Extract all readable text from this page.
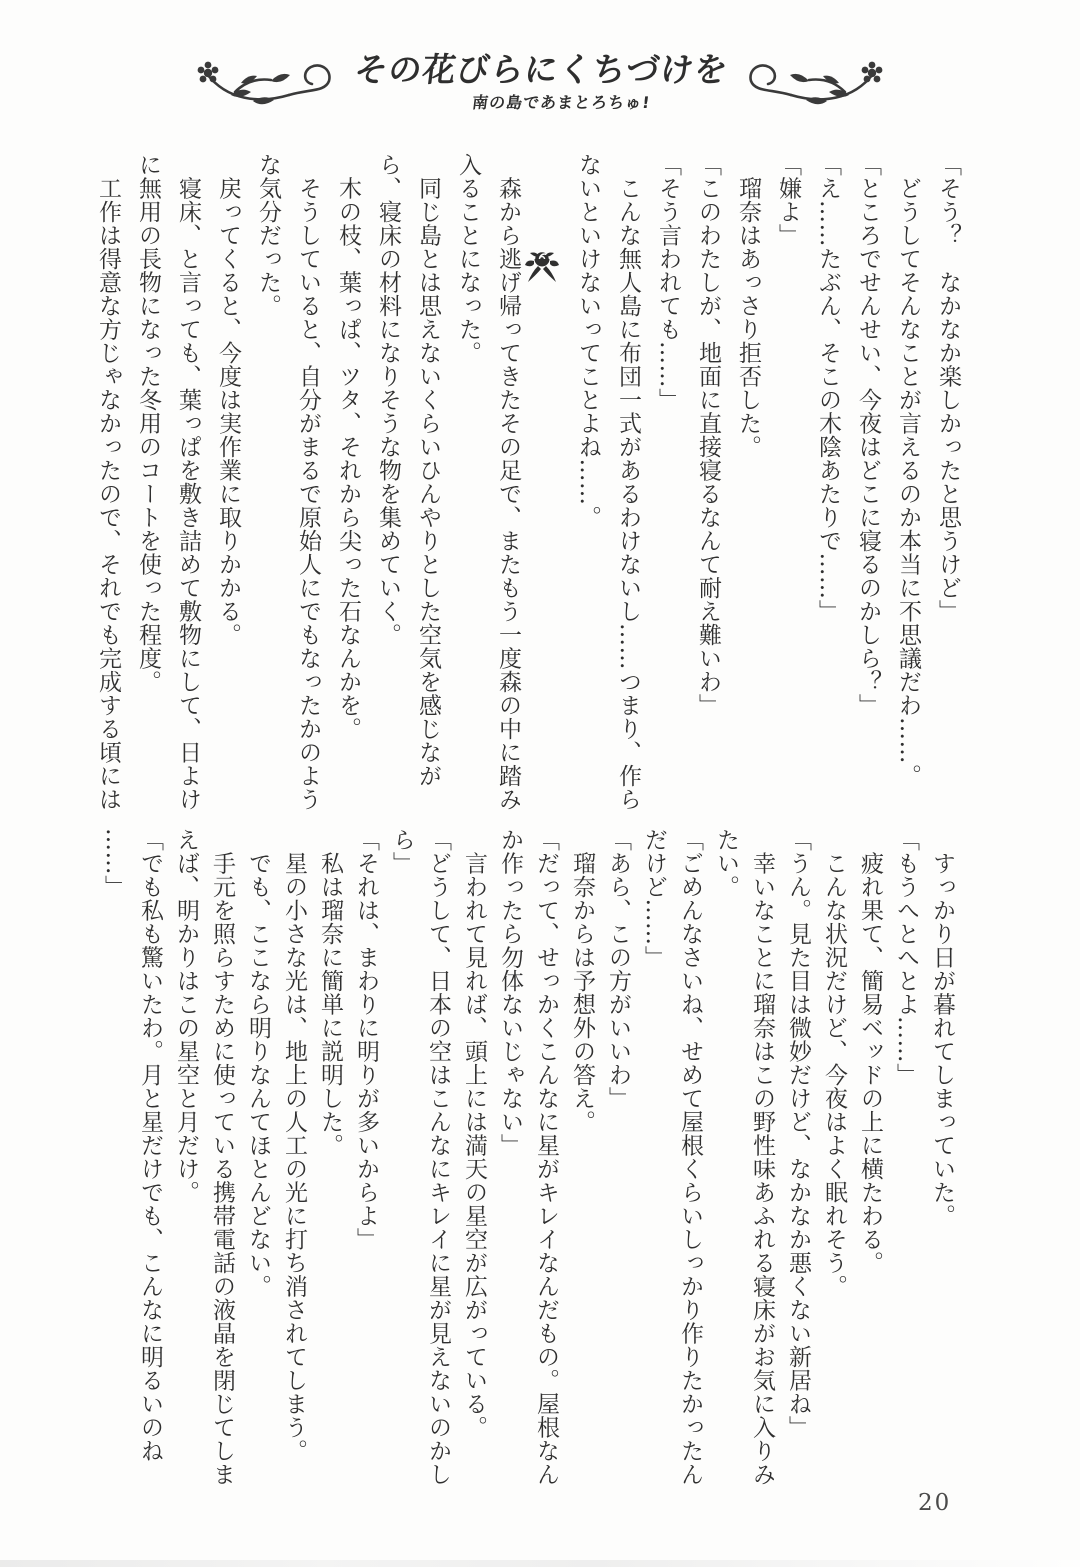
その花びらにくちづけを
南の島であまとろちゅ!
「そう？　なかなか楽しかったと思うけど」
　どうしてそんなことが言えるのか本当に不思議だわ……。
「ところでせんせい、今夜はどこに寝るのかしら？」
「え……たぶん、そこの木陰あたりで……」
「嫌よ」
　瑠奈はあっさり拒否した。
「このわたしが、地面に直接寝るなんて耐え難いわ」
「そう言われても……」
　こんな無人島に布団一式があるわけないし……つまり、作ら
ないといけないってことよね……。

　森から逃げ帰ってきたその足で、またもう一度森の中に踏み
入ることになった。
　同じ島とは思えないくらいひんやりとした空気を感じなが
ら、寝床の材料になりそうな物を集めていく。
　木の枝、葉っぱ、ツタ、それから尖った石なんかを。
　そうしていると、自分がまるで原始人にでもなったかのよう
な気分だった。
　戻ってくると、今度は実作業に取りかかる。
　寝床、と言っても、葉っぱを敷き詰めて敷物にして、日よけ
に無用の長物になった冬用のコートを使った程度。
　工作は得意な方じゃなかったので、それでも完成する頃には
　すっかり日が暮れてしまっていた。
「もうへとへとよ……」
　疲れ果て、簡易ベッドの上に横たわる。
　こんな状況だけど、今夜はよく眠れそう。
「うん。見た目は微妙だけど、なかなか悪くない新居ね」
　幸いなことに瑠奈はこの野性味あふれる寝床がお気に入りみ
たい。
「ごめんなさいね、せめて屋根くらいしっかり作りたかったん
だけど……」
「あら、この方がいいわ」
　瑠奈からは予想外の答え。
「だって、せっかくこんなに星がキレイなんだもの。屋根なん
か作ったら勿体ないじゃない」
　言われて見れば、頭上には満天の星空が広がっている。
「どうして、日本の空はこんなにキレイに星が見えないのかし
ら」
「それは、まわりに明りが多いからよ」
　私は瑠奈に簡単に説明した。
　星の小さな光は、地上の人工の光に打ち消されてしまう。
　でも、ここなら明りなんてほとんどない。
　手元を照らすために使っている携帯電話の液晶を閉じてしま
えば、明かりはこの星空と月だけ。
「でも私も驚いたわ。月と星だけでも、こんなに明るいのね
……」
20
